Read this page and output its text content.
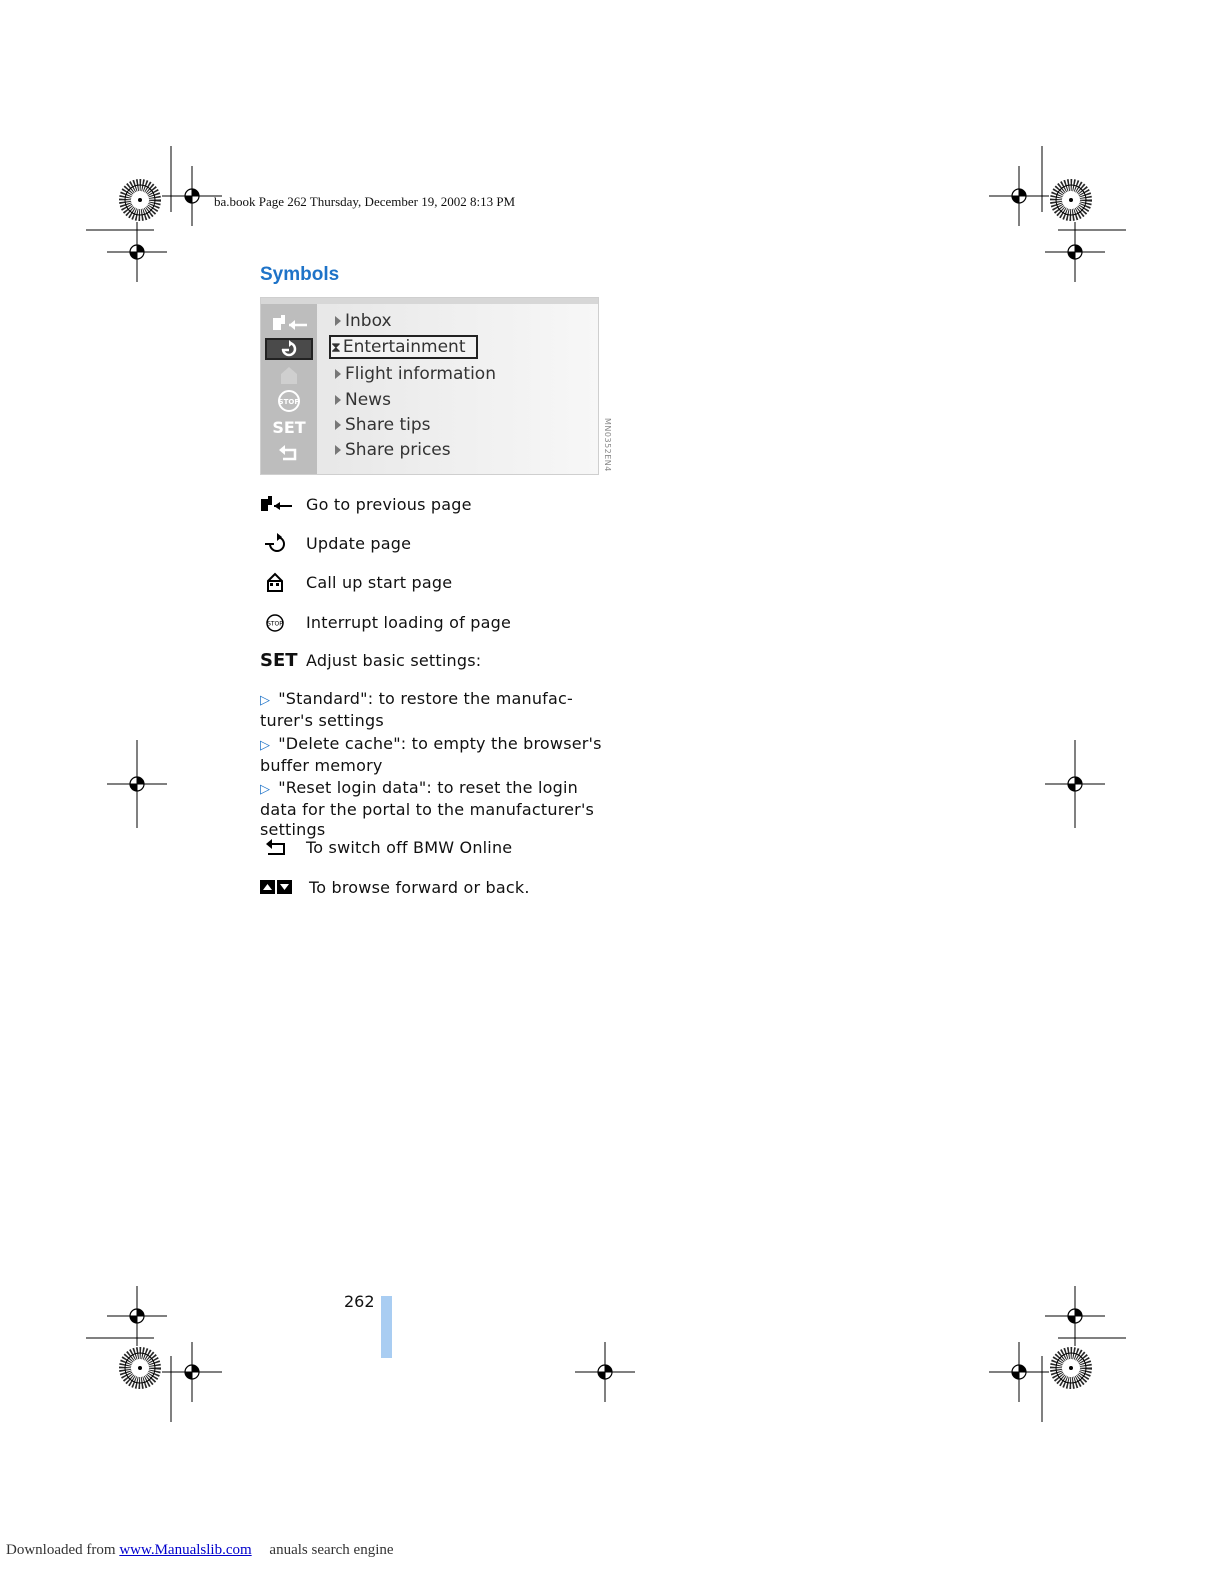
ba.book Page 262 Thursday, December 19, 2002 8:13 PM
Symbols
STOP
SET
Inbox
⧗ Entertainment
Flight information
News
Share tips
Share prices	MN0352EN4
Go to previous page
Update page
Call up start page
STOP Interrupt loading of page
SET Adjust basic settings:
▷ "Standard": to restore the manufac-turer's settings
▷ "Delete cache": to empty the browser's buffer memory
▷ "Reset login data": to reset the login data for the portal to the manufacturer's settings
To switch off BMW Online
To browse forward or back.
262
Downloaded from www.Manualslib.com anuals search engine
